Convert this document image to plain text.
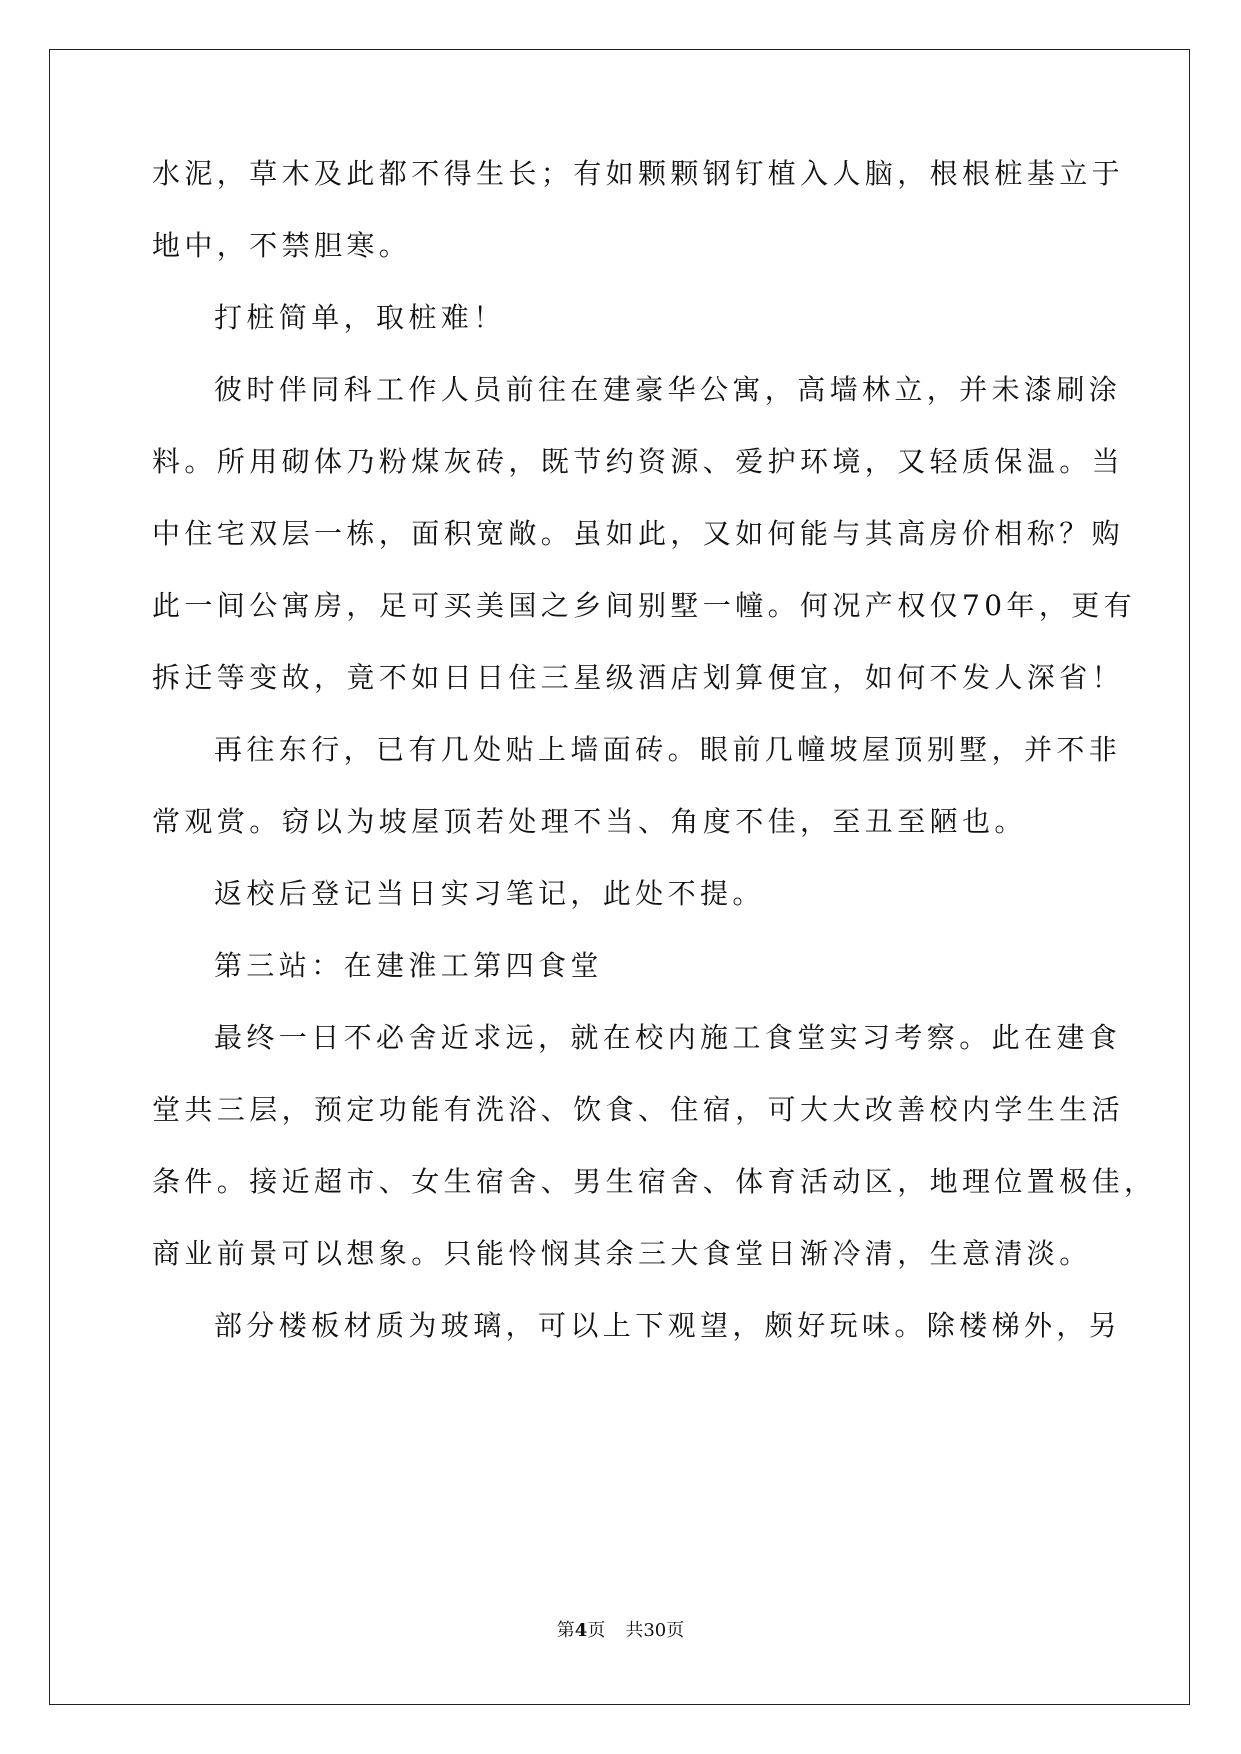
水泥，草木及此都不得生长；有如颗颗钢钉植入人脑，根根桩基立于
地中，不禁胆寒。
打桩简单，取桩难！
彼时伴同科工作人员前往在建豪华公寓，高墙林立，并未漆刷涂
料。所用砌体乃粉煤灰砖，既节约资源、爱护环境，又轻质保温。当
中住宅双层一栋，面积宽敞。虽如此，又如何能与其高房价相称？购
此一间公寓房，足可买美国之乡间别墅一幢。何况产权仅70年，更有
拆迁等变故，竟不如日日住三星级酒店划算便宜，如何不发人深省！
再往东行，已有几处贴上墙面砖。眼前几幢坡屋顶别墅，并不非
常观赏。窃以为坡屋顶若处理不当、角度不佳，至丑至陋也。
返校后登记当日实习笔记，此处不提。
第三站：在建淮工第四食堂
最终一日不必舍近求远，就在校内施工食堂实习考察。此在建食
堂共三层，预定功能有洗浴、饮食、住宿，可大大改善校内学生生活
条件。接近超市、女生宿舍、男生宿舍、体育活动区，地理位置极佳，
商业前景可以想象。只能怜悯其余三大食堂日渐冷清，生意清淡。
部分楼板材质为玻璃，可以上下观望，颇好玩味。除楼梯外，另
第4页 共30页
